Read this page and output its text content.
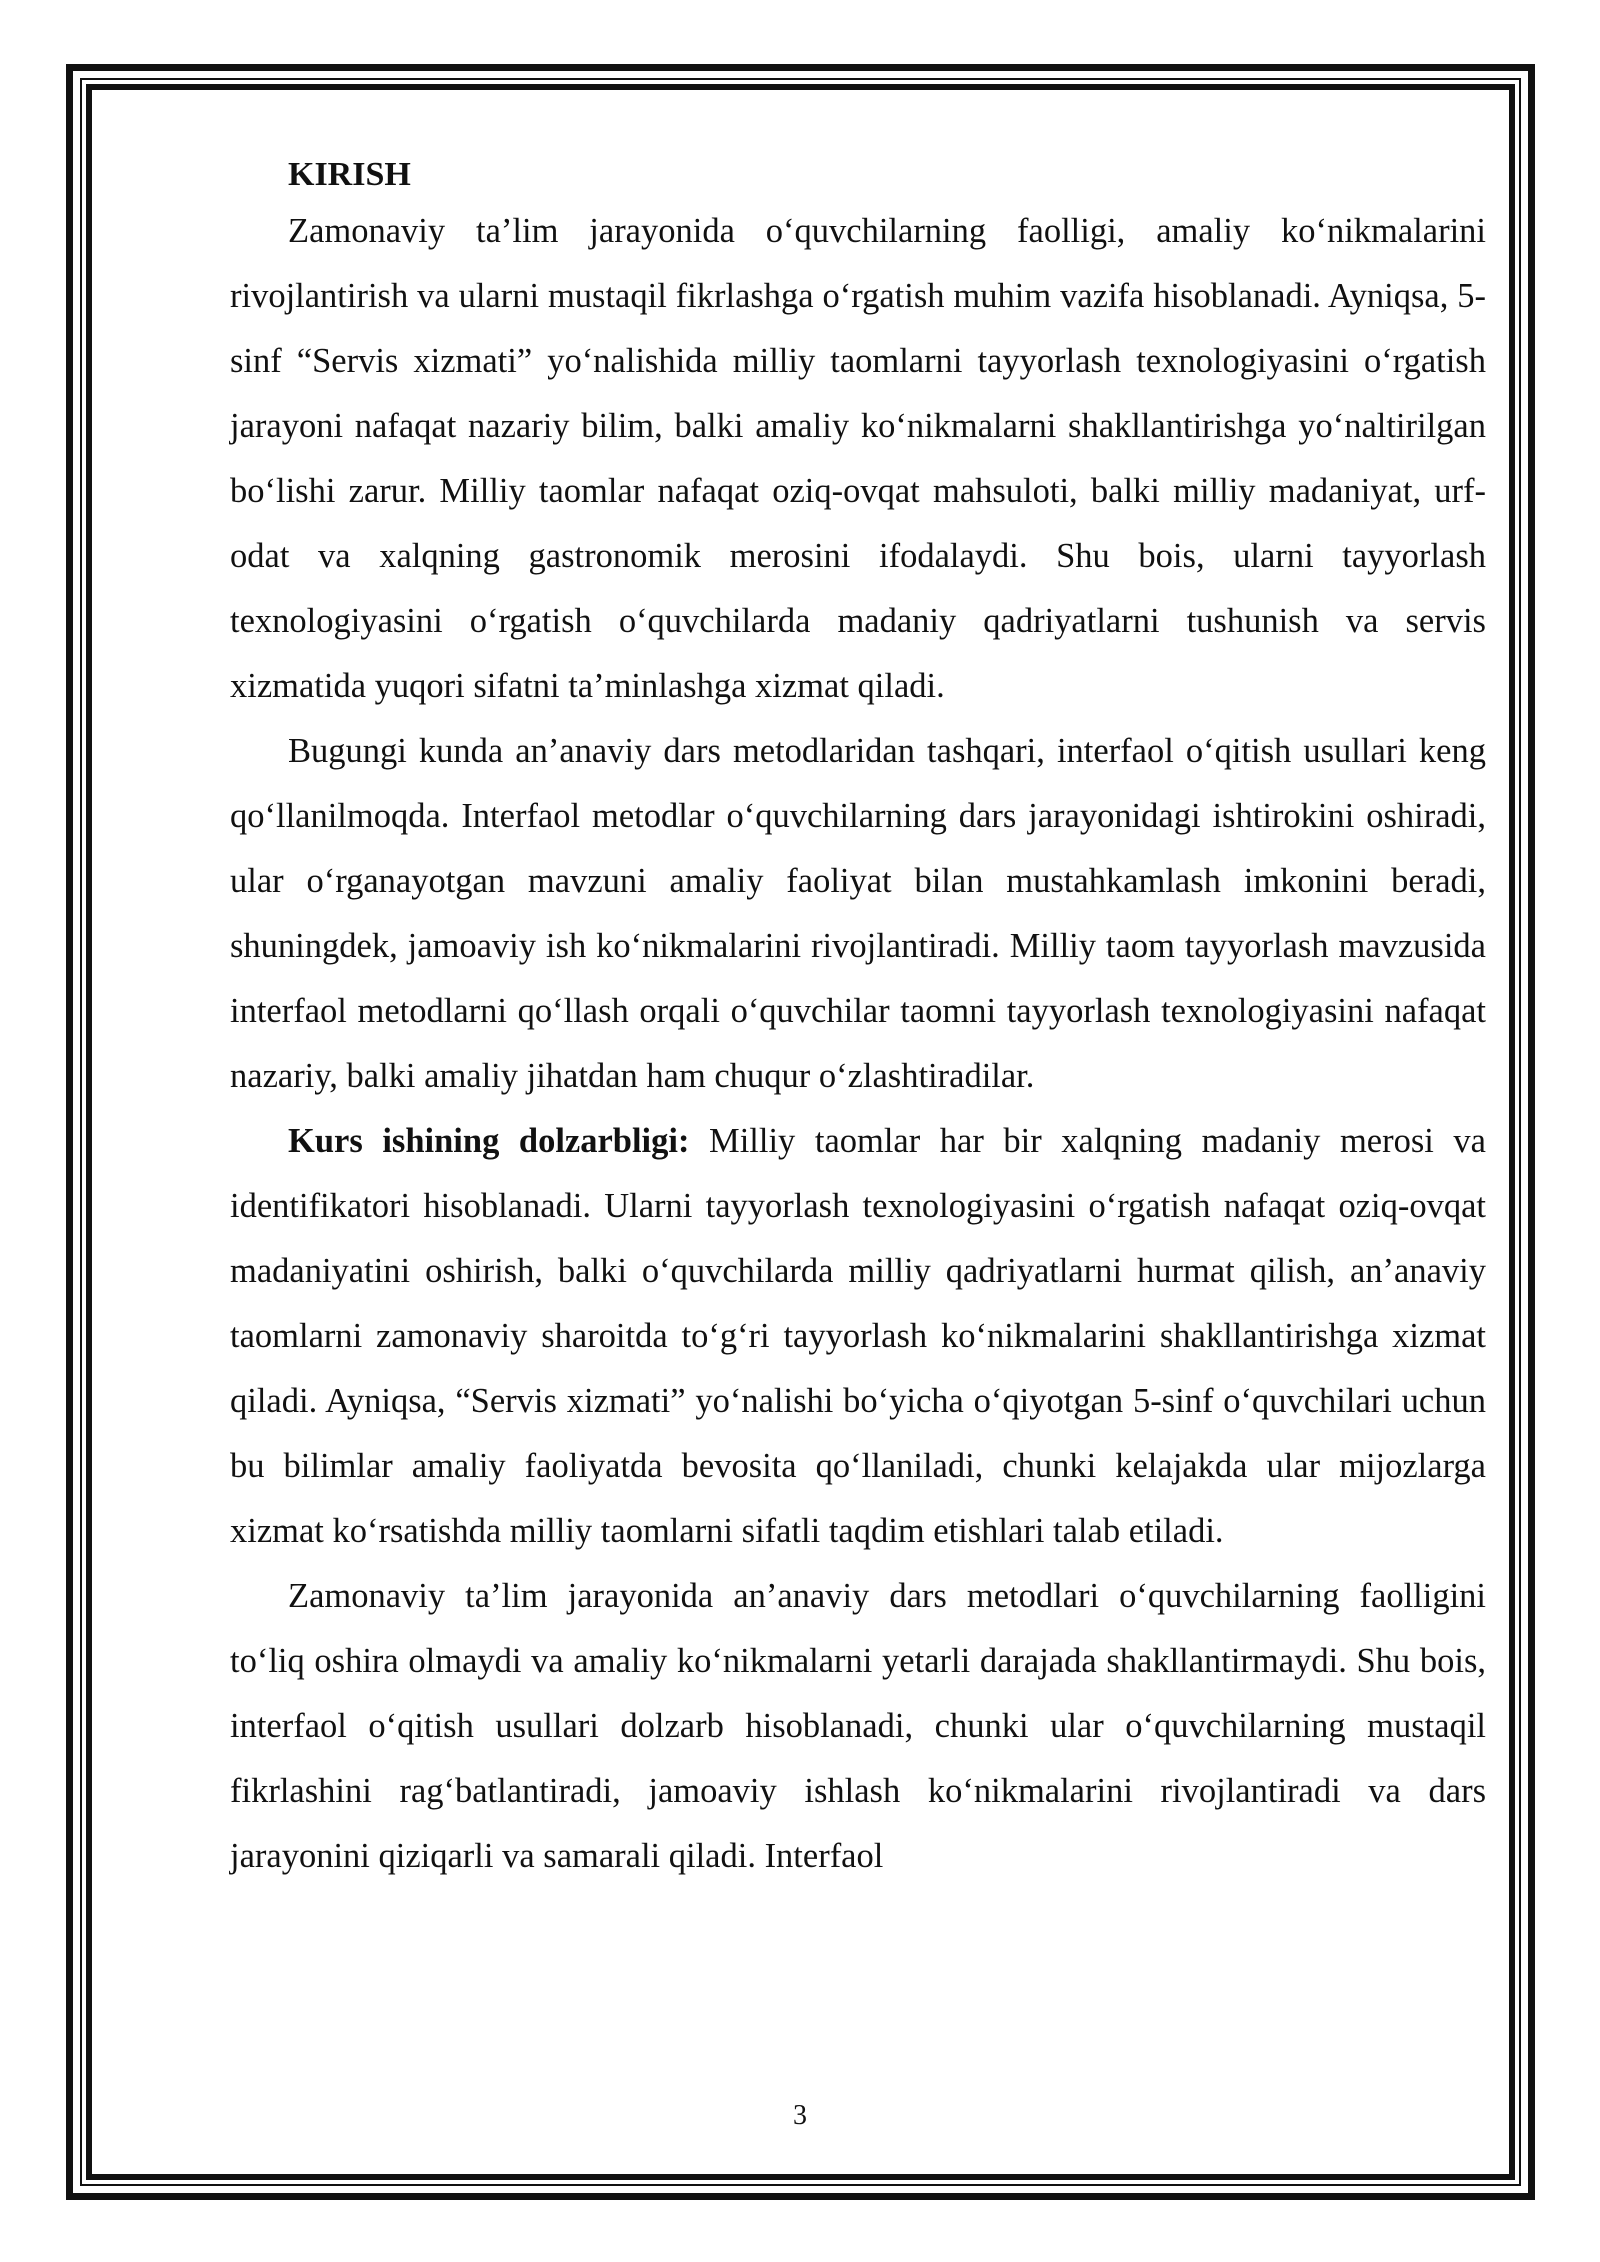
KIRISH

Zamonaviy ta’lim jarayonida o‘quvchilarning faolligi, amaliy ko‘nikmalarini rivojlantirish va ularni mustaqil fikrlashga o‘rgatish muhim vazifa hisoblanadi. Ayniqsa, 5-sinf “Servis xizmati” yo‘nalishida milliy taomlarni tayyorlash texnologiyasini o‘rgatish jarayoni nafaqat nazariy bilim, balki amaliy ko‘nikmalarni shakllantirishga yo‘naltirilgan bo‘lishi zarur. Milliy taomlar nafaqat oziq-ovqat mahsuloti, balki milliy madaniyat, urf-odat va xalqning gastronomik merosini ifodalaydi. Shu bois, ularni tayyorlash texnologiyasini o‘rgatish o‘quvchilarda madaniy qadriyatlarni tushunish va servis xizmatida yuqori sifatni ta’minlashga xizmat qiladi.

Bugungi kunda an’anaviy dars metodlaridan tashqari, interfaol o‘qitish usullari keng qo‘llanilmoqda. Interfaol metodlar o‘quvchilarning dars jarayonidagi ishtirokini oshiradi, ular o‘rganayotgan mavzuni amaliy faoliyat bilan mustahkamlash imkonini beradi, shuningdek, jamoaviy ish ko‘nikmalarini rivojlantiradi. Milliy taom tayyorlash mavzusida interfaol metodlarni qo‘llash orqali o‘quvchilar taomni tayyorlash texnologiyasini nafaqat nazariy, balki amaliy jihatdan ham chuqur o‘zlashtiradilar.

Kurs ishining dolzarbligi: Milliy taomlar har bir xalqning madaniy merosi va identifikatori hisoblanadi. Ularni tayyorlash texnologiyasini o‘rgatish nafaqat oziq-ovqat madaniyatini oshirish, balki o‘quvchilarda milliy qadriyatlarni hurmat qilish, an’anaviy taomlarni zamonaviy sharoitda to‘g‘ri tayyorlash ko‘nikmalarini shakllantirishga xizmat qiladi. Ayniqsa, “Servis xizmati” yo‘nalishi bo‘yicha o‘qiyotgan 5-sinf o‘quvchilari uchun bu bilimlar amaliy faoliyatda bevosita qo‘llaniladi, chunki kelajakda ular mijozlarga xizmat ko‘rsatishda milliy taomlarni sifatli taqdim etishlari talab etiladi.

Zamonaviy ta’lim jarayonida an’anaviy dars metodlari o‘quvchilarning faolligini to‘liq oshira olmaydi va amaliy ko‘nikmalarni yetarli darajada shakllantirmaydi. Shu bois, interfaol o‘qitish usullari dolzarb hisoblanadi, chunki ular o‘quvchilarning mustaqil fikrlashini rag‘batlantiradi, jamoaviy ishlash ko‘nikmalarini rivojlantiradi va dars jarayonini qiziqarli va samarali qiladi. Interfaol

3
